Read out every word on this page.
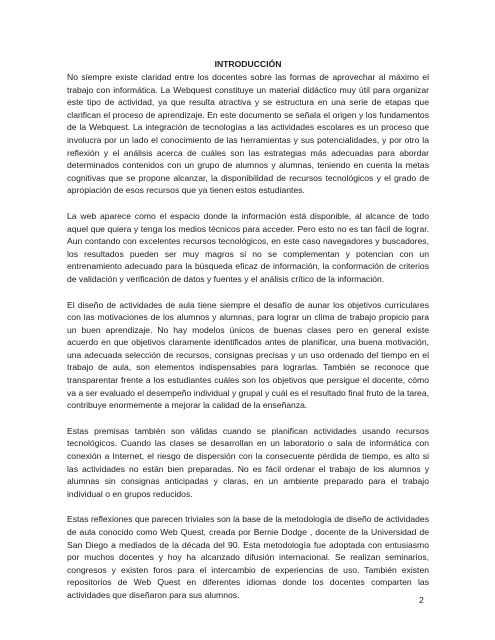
INTRODUCCIÓN

No siempre existe claridad entre los docentes sobre las formas de aprovechar al máximo el trabajo con informática. La Webquest constituye un material didáctico muy útil para organizar este tipo de actividad, ya que resulta atractiva y se estructura en una serie de etapas que clarifican el proceso de aprendizaje. En este documento se señala el origen y los fundamentos de la Webquest. La integración de tecnologías a las actividades escolares es un proceso que involucra por un lado el conocimiento de las herramientas y sus potencialidades, y por otro la reflexión y el análisis acerca de cuáles son las estrategias más adecuadas para abordar determinados contenidos con un grupo de alumnos y alumnas, teniendo en cuenta la metas cognitivas que se propone alcanzar, la disponibilidad de recursos tecnológicos y el grado de apropiación de esos recursos que ya tienen estos estudiantes.

La web aparece como el espacio donde la información está disponible, al alcance de todo aquel que quiera y tenga los medios técnicos para acceder. Pero esto no es tan fácil de lograr. Aun contando con excelentes recursos tecnológicos, en este caso navegadores y buscadores, los resultados pueden ser muy magros si no se complementan y potencian con un entrenamiento adecuado para la búsqueda eficaz de información, la conformación de criterios de validación y verificación de datos y fuentes y el análisis crítico de la información.

El diseño de actividades de aula tiene siempre el desafío de aunar los objetivos curriculares con las motivaciones de los alumnos y alumnas, para lograr un clima de trabajo propicio para un buen aprendizaje. No hay modelos únicos de buenas clases pero en general existe acuerdo en que objetivos claramente identificados antes de planificar, una buena motivación, una adecuada selección de recursos, consignas precisas y un uso ordenado del tiempo en el trabajo de aula, son elementos indispensables para lograrlas. También se reconoce que transparentar frente a los estudiantes cuáles son los objetivos que persigue el docente, cómo va a ser evaluado el desempeño individual y grupal y cuál es el resultado final fruto de la tarea, contribuye enormemente a mejorar la calidad de la enseñanza.

Estas premisas también son válidas cuando se planifican actividades usando recursos tecnológicos. Cuando las clases se desarrollan en un laboratorio o sala de informática con conexión a Internet, el riesgo de dispersión con la consecuente pérdida de tiempo, es alto si las actividades no están bien preparadas. No es fácil ordenar el trabajo de los alumnos y alumnas sin consignas anticipadas y claras, en un ambiente preparado para el trabajo individual o en grupos reducidos.

Estas reflexiones que parecen triviales son la base de la metodología de diseño de actividades de aula conocido como Web Quest, creada por Bernie Dodge , docente de la Universidad de San Diego a mediados de la década del 90. Esta metodología fue adoptada con entusiasmo por muchos docentes y hoy ha alcanzado difusión internacional. Se realizan seminarios, congresos y existen foros para el intercambio de experiencias de uso. También existen repositorios de Web Quest en diferentes idiomas donde los docentes comparten las actividades que diseñaron para sus alumnos.

2
